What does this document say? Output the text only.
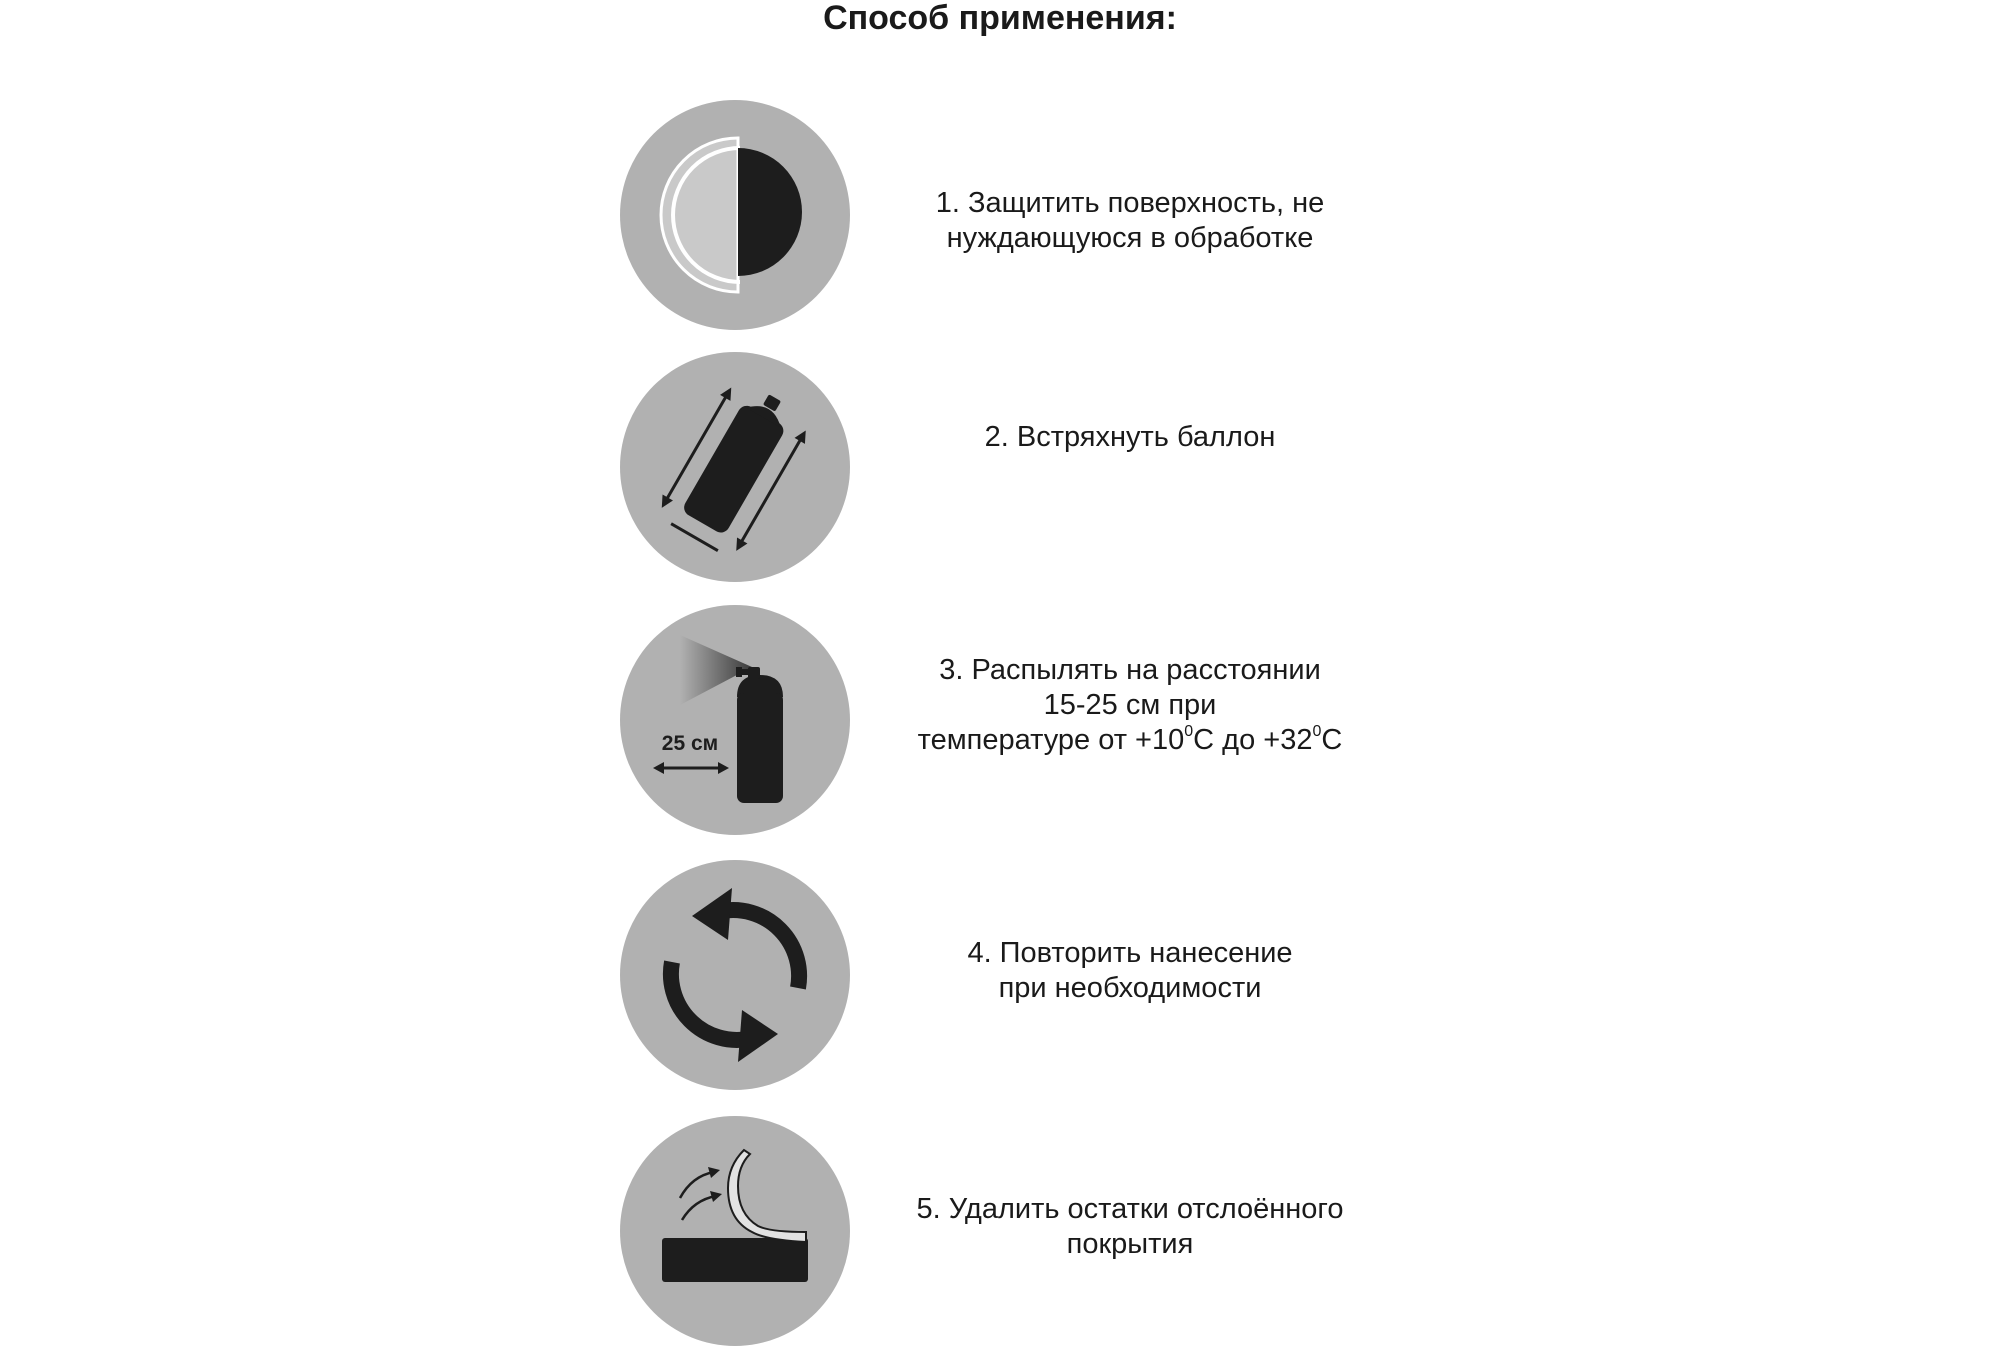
Способ применения:
1. Защитить поверхность, не
нуждающуюся в обработке
2. Встряхнуть баллон
25 см
3. Распылять на расстоянии
15-25 см при
температуре от $+10^0С$ до $+32^0С$
4. Повторить нанесение
при необходимости
5. Удалить остатки отслоённого
покрытия
